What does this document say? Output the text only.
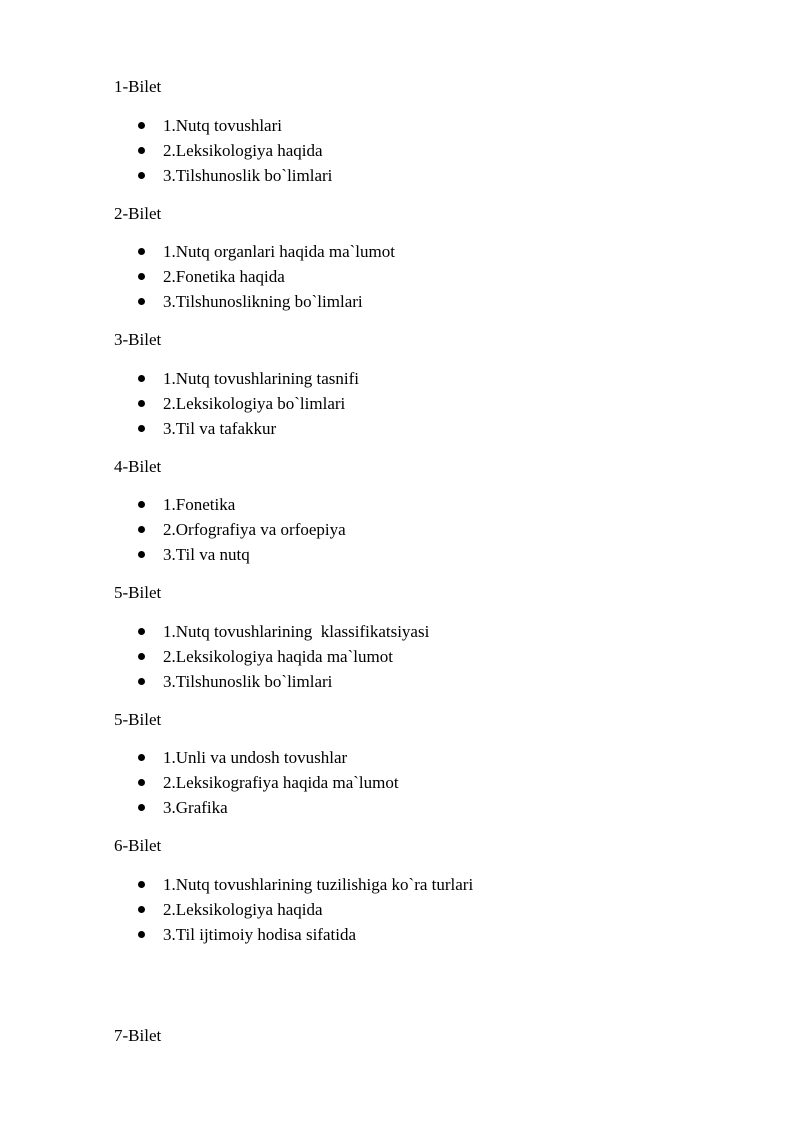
1-Bilet

1.Nutq tovushlari

2.Leksikologiya haqida

3.Tilshunoslik bo`limlari

2-Bilet

1.Nutq organlari haqida ma`lumot

2.Fonetika haqida

3.Tilshunoslikning bo`limlari

3-Bilet

1.Nutq tovushlarining tasnifi

2.Leksikologiya bo`limlari

3.Til va tafakkur

4-Bilet

1.Fonetika

2.Orfografiya va orfoepiya

3.Til va nutq

5-Bilet

1.Nutq tovushlarining  klassifikatsiyasi

2.Leksikologiya haqida ma`lumot

3.Tilshunoslik bo`limlari

5-Bilet

1.Unli va undosh tovushlar

2.Leksikografiya haqida ma`lumot

3.Grafika

6-Bilet

1.Nutq tovushlarining tuzilishiga ko`ra turlari

2.Leksikologiya haqida

3.Til ijtimoiy hodisa sifatida

7-Bilet
